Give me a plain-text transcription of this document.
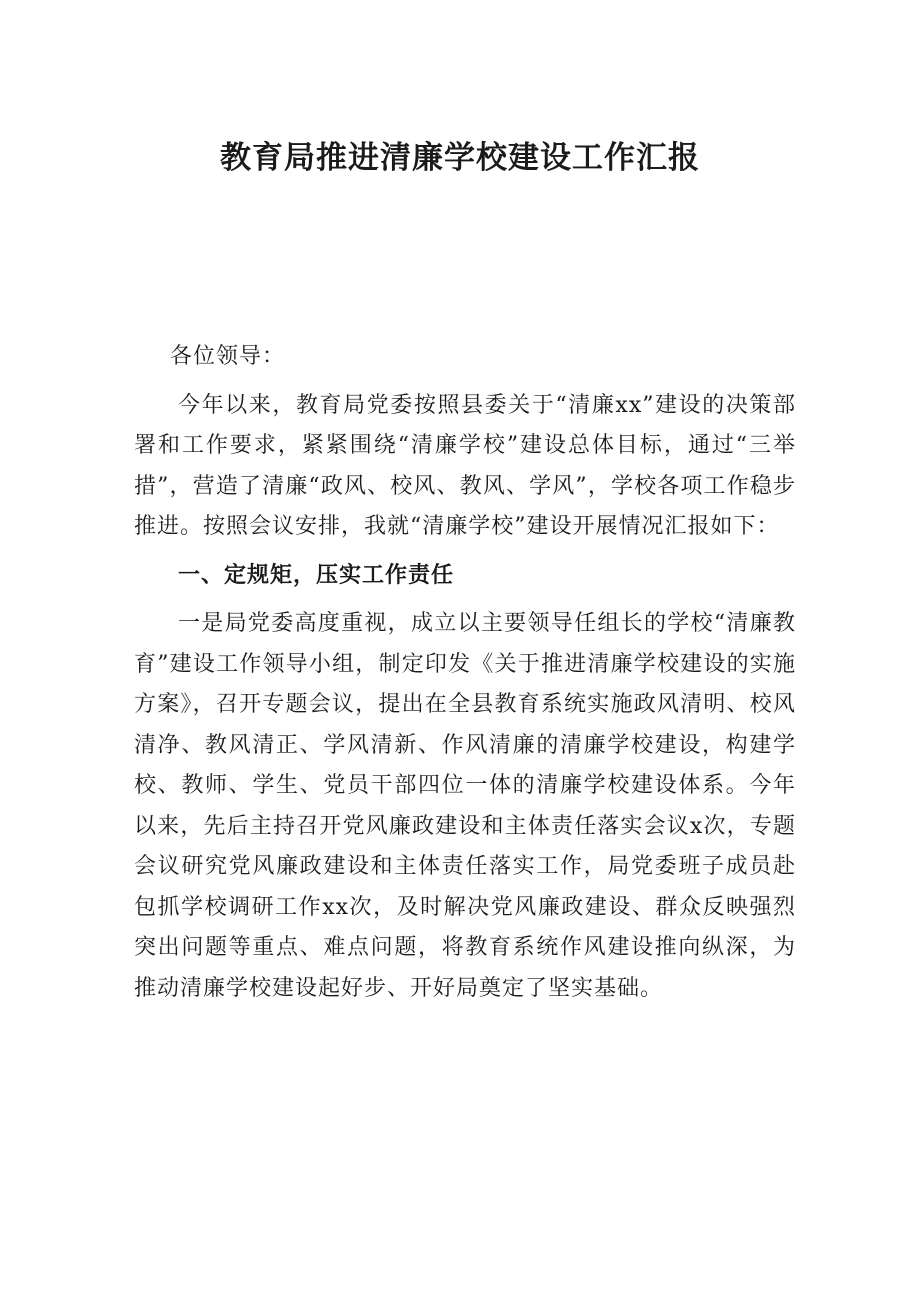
教育局推进清廉学校建设工作汇报

各位领导：

今年以来，教育局党委按照县委关于“清廉xx”建设的决策部署和工作要求，紧紧围绕“清廉学校”建设总体目标，通过“三举措”，营造了清廉“政风、校风、教风、学风”，学校各项工作稳步推进。按照会议安排，我就“清廉学校”建设开展情况汇报如下：

一、定规矩，压实工作责任

一是局党委高度重视，成立以主要领导任组长的学校“清廉教育”建设工作领导小组，制定印发《关于推进清廉学校建设的实施方案》，召开专题会议，提出在全县教育系统实施政风清明、校风清净、教风清正、学风清新、作风清廉的清廉学校建设，构建学校、教师、学生、党员干部四位一体的清廉学校建设体系。今年以来，先后主持召开党风廉政建设和主体责任落实会议x次，专题会议研究党风廉政建设和主体责任落实工作，局党委班子成员赴包抓学校调研工作xx次，及时解决党风廉政建设、群众反映强烈突出问题等重点、难点问题，将教育系统作风建设推向纵深，为推动清廉学校建设起好步、开好局奠定了坚实基础。
